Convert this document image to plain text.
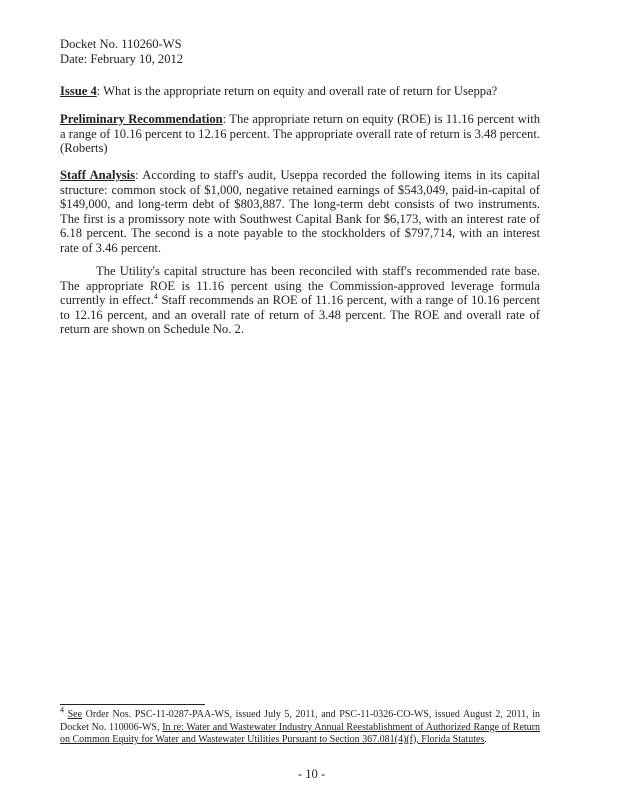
Docket No. 110260-WS
Date: February 10, 2012
Issue 4: What is the appropriate return on equity and overall rate of return for Useppa?
Preliminary Recommendation: The appropriate return on equity (ROE) is 11.16 percent with a range of 10.16 percent to 12.16 percent. The appropriate overall rate of return is 3.48 percent. (Roberts)
Staff Analysis: According to staff's audit, Useppa recorded the following items in its capital structure: common stock of $1,000, negative retained earnings of $543,049, paid-in-capital of $149,000, and long-term debt of $803,887. The long-term debt consists of two instruments. The first is a promissory note with Southwest Capital Bank for $6,173, with an interest rate of 6.18 percent. The second is a note payable to the stockholders of $797,714, with an interest rate of 3.46 percent.
The Utility's capital structure has been reconciled with staff's recommended rate base. The appropriate ROE is 11.16 percent using the Commission-approved leverage formula currently in effect.$^4$ Staff recommends an ROE of 11.16 percent, with a range of 10.16 percent to 12.16 percent, and an overall rate of return of 3.48 percent. The ROE and overall rate of return are shown on Schedule No. 2.
$^4$ See Order Nos. PSC-11-0287-PAA-WS, issued July 5, 2011, and PSC-11-0326-CO-WS, issued August 2, 2011, in Docket No. 110006-WS, In re: Water and Wastewater Industry Annual Reestablishment of Authorized Range of Return on Common Equity for Water and Wastewater Utilities Pursuant to Section 367.081(4)(f), Florida Statutes.
- 10 -
